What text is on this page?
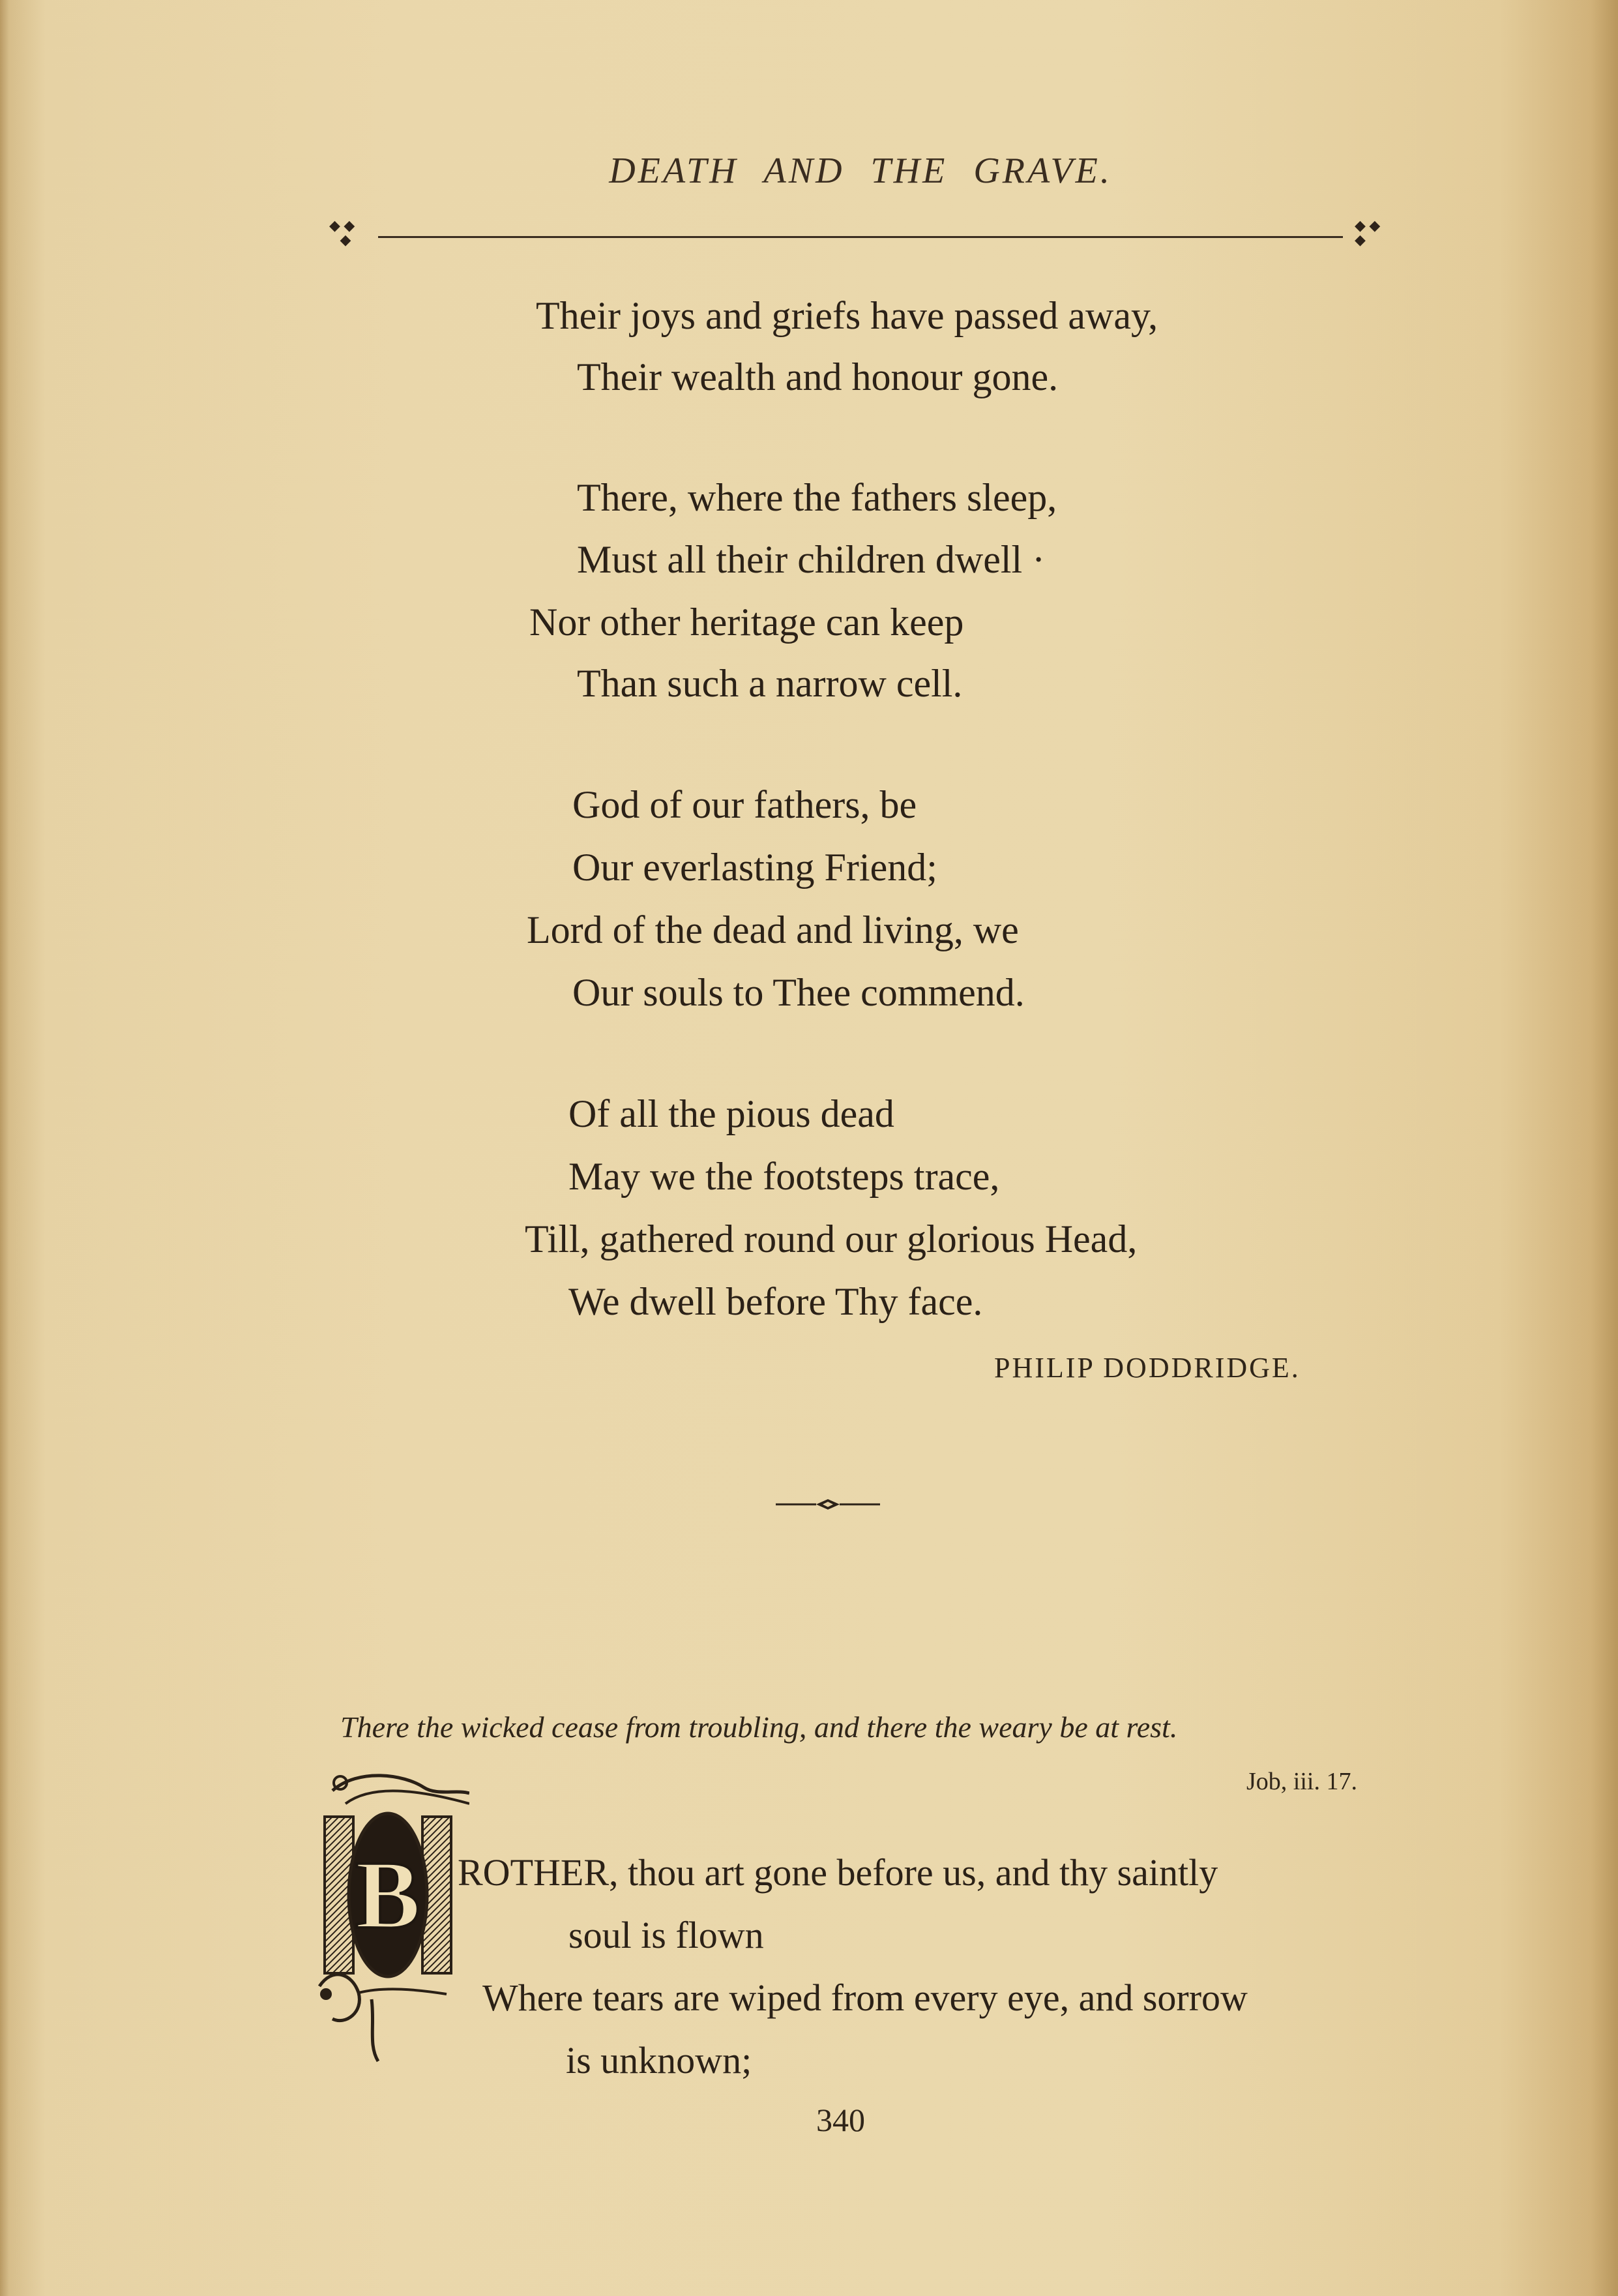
DEATH AND THE GRAVE.
◆ ◆
◆
◆ ◆
◆

Their joys and griefs have passed away,

Their wealth and honour gone.

There, where the fathers sleep,

Must all their children dwell ·

Nor other heritage can keep

Than such a narrow cell.

God of our fathers, be

Our everlasting Friend;

Lord of the dead and living, we

Our souls to Thee commend.

Of all the pious dead

May we the footsteps trace,

Till, gathered round our glorious Head,

We dwell before Thy face.

PHILIP DODDRIDGE.

There the wicked cease from troubling, and there the weary be at rest.

Job, iii. 17.

B ROTHER, thou art gone before us, and thy saintly

soul is flown

Where tears are wiped from every eye, and sorrow

is unknown;

340
